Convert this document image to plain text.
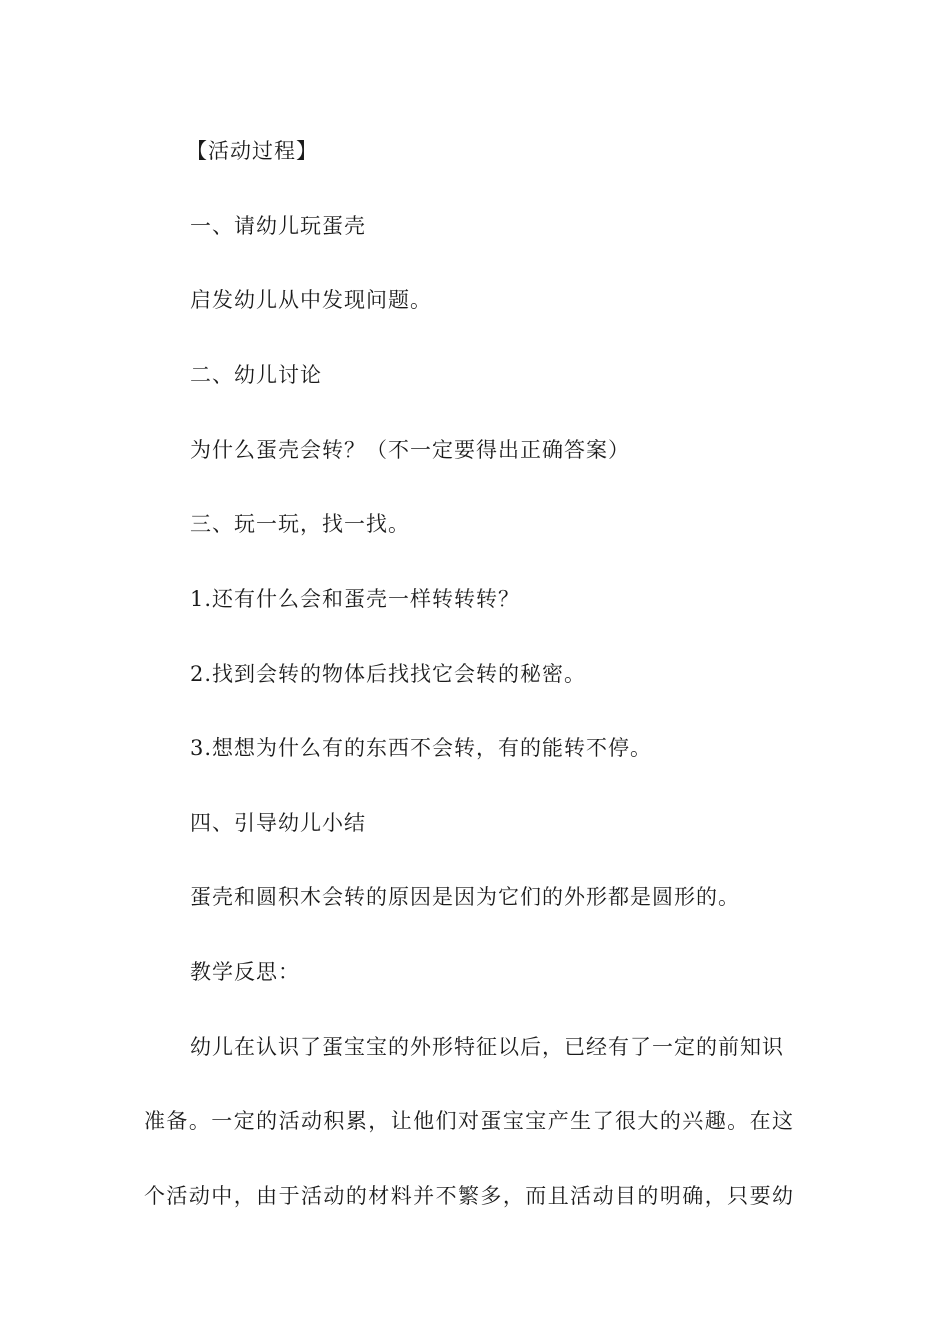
【活动过程】
一、请幼儿玩蛋壳
启发幼儿从中发现问题。
二、幼儿讨论
为什么蛋壳会转？（不一定要得出正确答案）
三、玩一玩，找一找。
1.还有什么会和蛋壳一样转转转？
2.找到会转的物体后找找它会转的秘密。
3.想想为什么有的东西不会转，有的能转不停。
四、引导幼儿小结
蛋壳和圆积木会转的原因是因为它们的外形都是圆形的。
教学反思：
幼儿在认识了蛋宝宝的外形特征以后，已经有了一定的前知识
准备。一定的活动积累，让他们对蛋宝宝产生了很大的兴趣。在这
个活动中，由于活动的材料并不繁多，而且活动目的明确，只要幼
